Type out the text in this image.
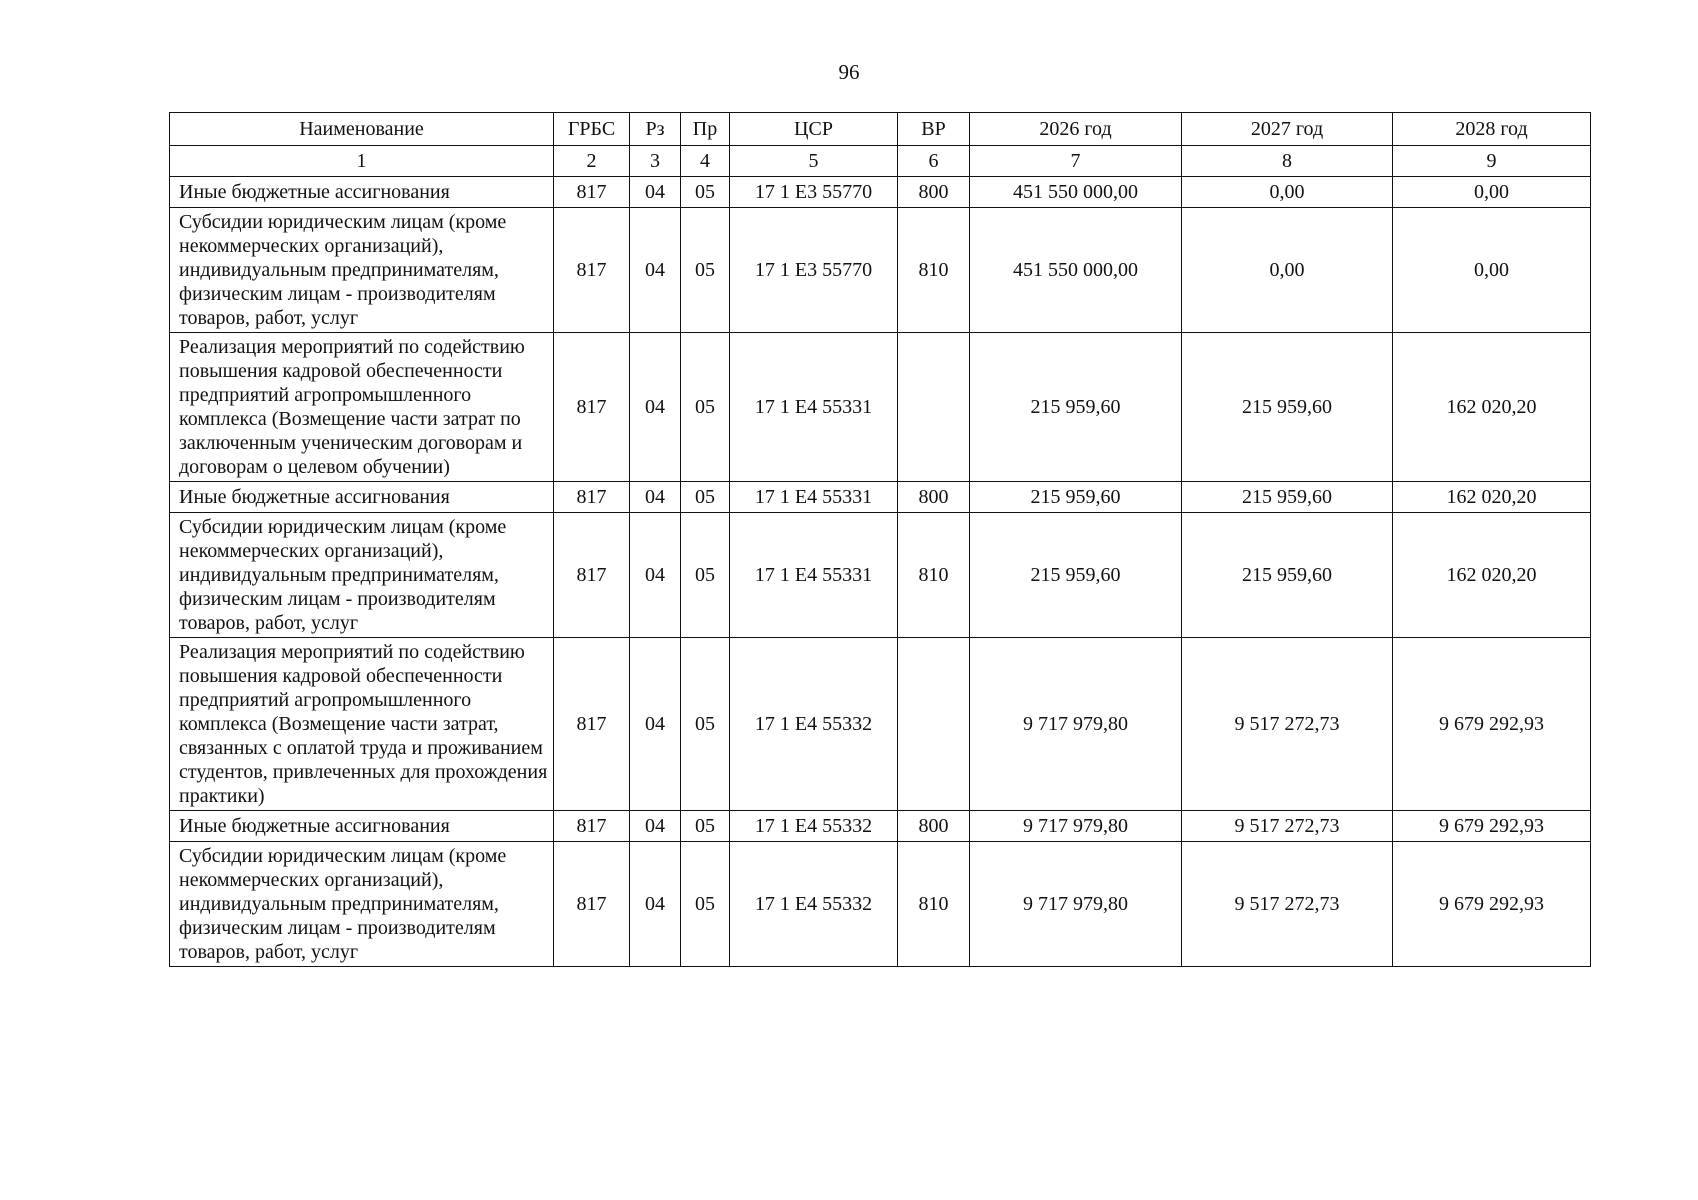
96
Наименование	ГРБС	Рз	Пр	ЦСР	ВР	2026 год	2027 год	2028 год
1	2	3	4	5	6	7	8	9
Иные бюджетные ассигнования	817	04	05	17 1 Е3 55770	800	451 550 000,00	0,00	0,00
Субсидии юридическим лицам (кроме некоммерческих организаций), индивидуальным предпринимателям, физическим лицам - производителям товаров, работ, услуг	817	04	05	17 1 Е3 55770	810	451 550 000,00	0,00	0,00
Реализация мероприятий по содействию повышения кадровой обеспеченности предприятий агропромышленного комплекса (Возмещение части затрат по заключенным ученическим договорам и договорам о целевом обучении)	817	04	05	17 1 Е4 55331		215 959,60	215 959,60	162 020,20
Иные бюджетные ассигнования	817	04	05	17 1 Е4 55331	800	215 959,60	215 959,60	162 020,20
Субсидии юридическим лицам (кроме некоммерческих организаций), индивидуальным предпринимателям, физическим лицам - производителям товаров, работ, услуг	817	04	05	17 1 Е4 55331	810	215 959,60	215 959,60	162 020,20
Реализация мероприятий по содействию повышения кадровой обеспеченности предприятий агропромышленного комплекса (Возмещение части затрат, связанных с оплатой труда и проживанием студентов, привлеченных для прохождения практики)	817	04	05	17 1 Е4 55332		9 717 979,80	9 517 272,73	9 679 292,93
Иные бюджетные ассигнования	817	04	05	17 1 Е4 55332	800	9 717 979,80	9 517 272,73	9 679 292,93
Субсидии юридическим лицам (кроме некоммерческих организаций), индивидуальным предпринимателям, физическим лицам - производителям товаров, работ, услуг	817	04	05	17 1 Е4 55332	810	9 717 979,80	9 517 272,73	9 679 292,93
